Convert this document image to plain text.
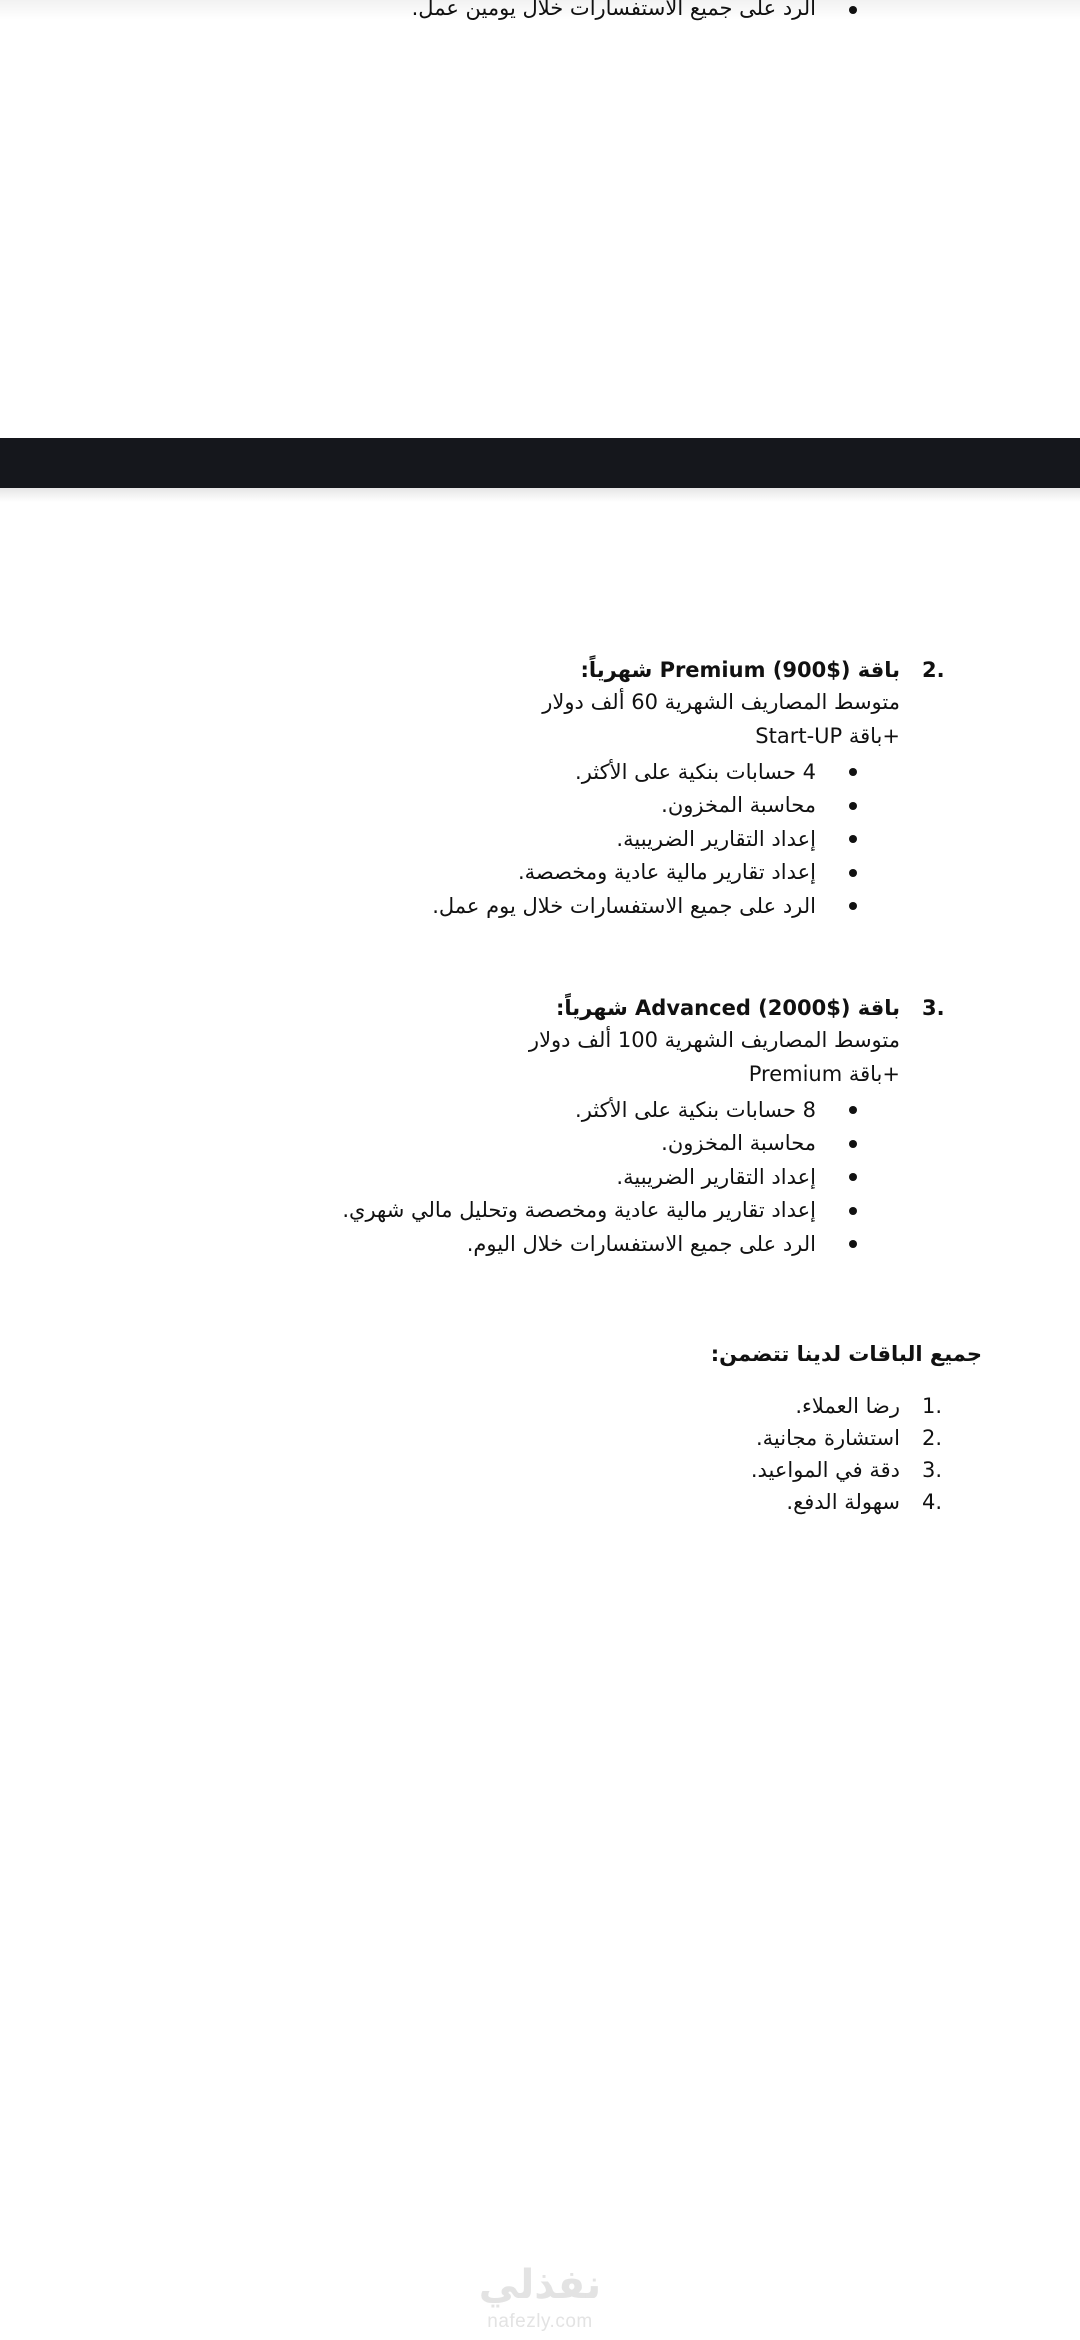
الرد على جميع الاستفسارات خلال يومين عمل.
2.
باقة Premium (900$) شهرياً:
متوسط المصاريف الشهرية 60 ألف دولار
+باقة Start-UP
4 حسابات بنكية على الأكثر.
محاسبة المخزون.
إعداد التقارير الضريبية.
إعداد تقارير مالية عادية ومخصصة.
الرد على جميع الاستفسارات خلال يوم عمل.
3.
باقة Advanced (2000$) شهرياً:
متوسط المصاريف الشهرية 100 ألف دولار
+باقة Premium
8 حسابات بنكية على الأكثر.
محاسبة المخزون.
إعداد التقارير الضريبية.
إعداد تقارير مالية عادية ومخصصة وتحليل مالي شهري.
الرد على جميع الاستفسارات خلال اليوم.
جميع الباقات لدينا تتضمن:
1.
رضا العملاء.
2.
استشارة مجانية.
3.
دقة في المواعيد.
4.
سهولة الدفع.
نفذلي
nafezly.com
